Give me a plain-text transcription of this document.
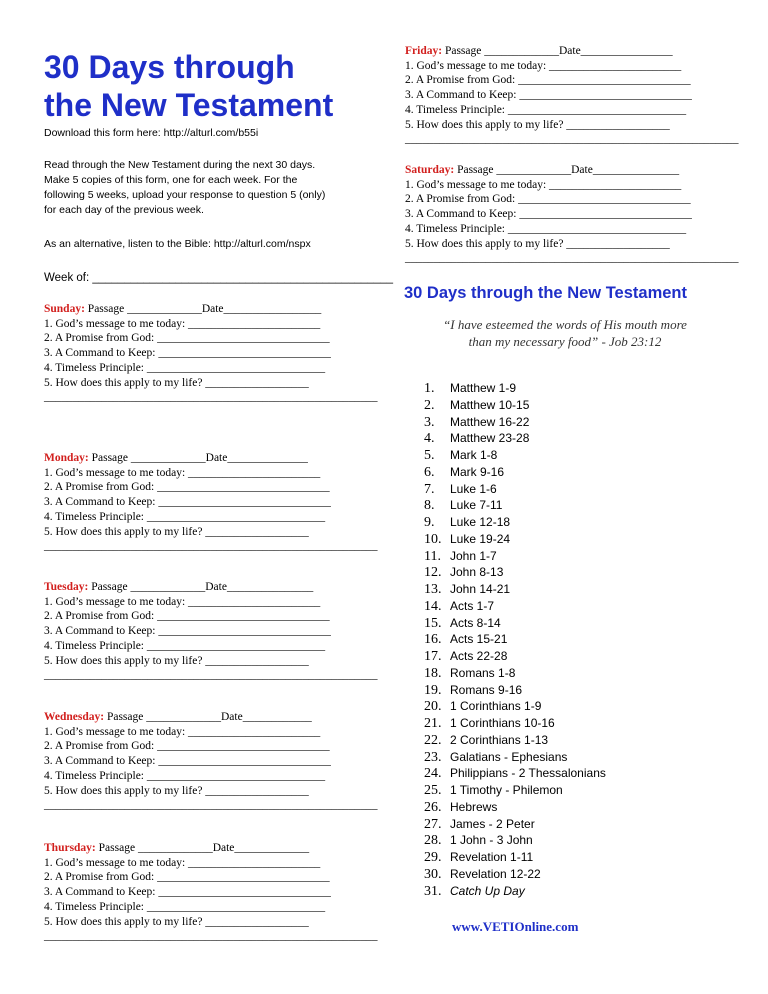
30 Days through
the New Testament
Download this form here: http://alturl.com/b55i
Read through the New Testament during the next 30 days.
Make 5 copies of this form, one for each week. For the
following 5 weeks, upload your response to question 5 (only)
for each day of the previous week.
As an alternative, listen to the Bible: http://alturl.com/nspx
Week of: _______________________________________________
Sunday: Passage _____________Date_________________
1. God’s message to me today: _______________________
2. A Promise from God: ______________________________
3. A Command to Keep: ______________________________
4. Timeless Principle: _______________________________
5. How does this apply to my life? __________________
__________________________________________________________
Monday: Passage _____________Date______________
1. God’s message to me today: _______________________
2. A Promise from God: ______________________________
3. A Command to Keep: ______________________________
4. Timeless Principle: _______________________________
5. How does this apply to my life? __________________
__________________________________________________________
Tuesday: Passage _____________Date_______________
1. God’s message to me today: _______________________
2. A Promise from God: ______________________________
3. A Command to Keep: ______________________________
4. Timeless Principle: _______________________________
5. How does this apply to my life? __________________
__________________________________________________________
Wednesday: Passage _____________Date____________
1. God’s message to me today: _______________________
2. A Promise from God: ______________________________
3. A Command to Keep: ______________________________
4. Timeless Principle: _______________________________
5. How does this apply to my life? __________________
__________________________________________________________
Thursday: Passage _____________Date_____________
1. God’s message to me today: _______________________
2. A Promise from God: ______________________________
3. A Command to Keep: ______________________________
4. Timeless Principle: _______________________________
5. How does this apply to my life? __________________
__________________________________________________________
Friday: Passage _____________Date________________
1. God’s message to me today: _______________________
2. A Promise from God: ______________________________
3. A Command to Keep: ______________________________
4. Timeless Principle: _______________________________
5. How does this apply to my life? __________________
__________________________________________________________
Saturday: Passage _____________Date_______________
1. God’s message to me today: _______________________
2. A Promise from God: ______________________________
3. A Command to Keep: ______________________________
4. Timeless Principle: _______________________________
5. How does this apply to my life? __________________
__________________________________________________________
30 Days through the New Testament
“I have esteemed the words of His mouth more
than my necessary food” - Job 23:12
1. Matthew 1-9
2. Matthew 10-15
3. Matthew 16-22
4. Matthew 23-28
5. Mark 1-8
6. Mark 9-16
7. Luke 1-6
8. Luke 7-11
9. Luke 12-18
10. Luke 19-24
11. John 1-7
12. John 8-13
13. John 14-21
14. Acts 1-7
15. Acts 8-14
16. Acts 15-21
17. Acts 22-28
18. Romans 1-8
19. Romans 9-16
20. 1 Corinthians 1-9
21. 1 Corinthians 10-16
22. 2 Corinthians 1-13
23. Galatians - Ephesians
24. Philippians - 2 Thessalonians
25. 1 Timothy - Philemon
26. Hebrews
27. James - 2 Peter
28. 1 John - 3 John
29. Revelation 1-11
30. Revelation 12-22
31. Catch Up Day
www.VETIOnline.com
